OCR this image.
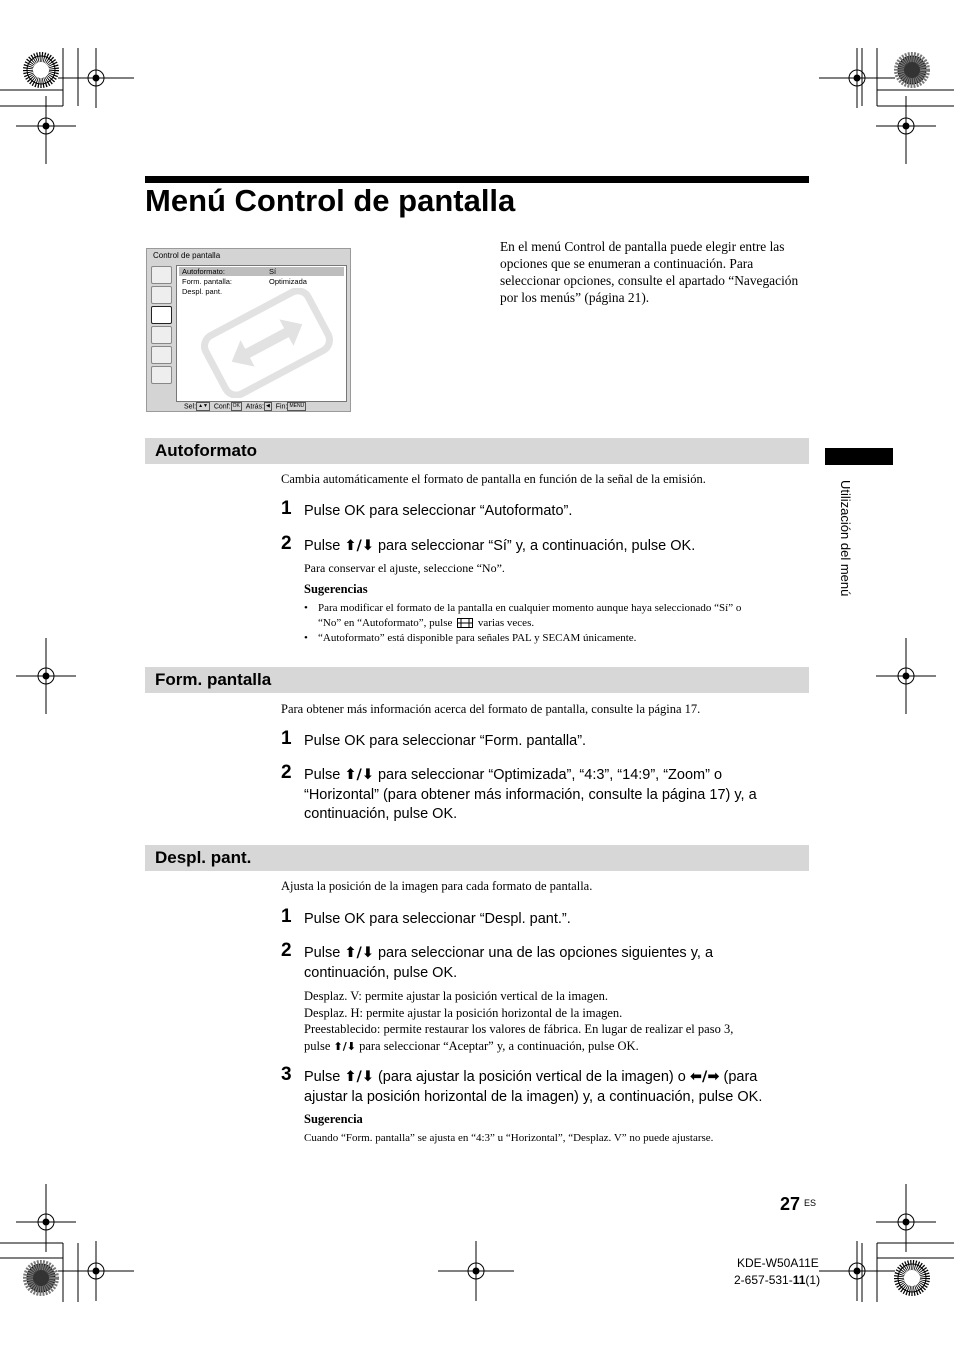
Menú Control de pantalla
Control de pantalla
Autoformato:	Sí
Form. pantalla:	Optimizada
Despl. pant.
Sel: ▲▼ Conf: OK Atrás: ◀ Fin: MENU
En el menú Control de pantalla puede elegir entre las opciones que se enumeran a continuación. Para seleccionar opciones, consulte el apartado “Navegación por los menús” (página 21).
Utilización del menú
Autoformato
Cambia automáticamente el formato de pantalla en función de la señal de la emisión.
1 Pulse OK para seleccionar “Autoformato”.
2 Pulse ⬆/⬇ para seleccionar “Sí” y, a continuación, pulse OK.
Para conservar el ajuste, seleccione “No”.
Sugerencias
• Para modificar el formato de la pantalla en cualquier momento aunque haya seleccionado “Sí” o
“No” en “Autoformato”, pulse varias veces.
• “Autoformato” está disponible para señales PAL y SECAM únicamente.
Form. pantalla
Para obtener más información acerca del formato de pantalla, consulte la página 17.
1 Pulse OK para seleccionar “Form. pantalla”.
2 Pulse ⬆/⬇ para seleccionar “Optimizada”, “4:3”, “14:9”, “Zoom” o
“Horizontal” (para obtener más información, consulte la página 17) y, a
continuación, pulse OK.
Despl. pant.
Ajusta la posición de la imagen para cada formato de pantalla.
1 Pulse OK para seleccionar “Despl. pant.”.
2 Pulse ⬆/⬇ para seleccionar una de las opciones siguientes y, a
continuación, pulse OK.
Desplaz. V: permite ajustar la posición vertical de la imagen.
Desplaz. H: permite ajustar la posición horizontal de la imagen.
Preestablecido: permite restaurar los valores de fábrica. En lugar de realizar el paso 3,
pulse ⬆/⬇ para seleccionar “Aceptar” y, a continuación, pulse OK.
3 Pulse ⬆/⬇ (para ajustar la posición vertical de la imagen) o ⬅/➡ (para
ajustar la posición horizontal de la imagen) y, a continuación, pulse OK.
Sugerencia
Cuando “Form. pantalla” se ajusta en “4:3” u “Horizontal”, “Desplaz. V” no puede ajustarse.
27 ES
KDE-W50A11E
2-657-531-11(1)
